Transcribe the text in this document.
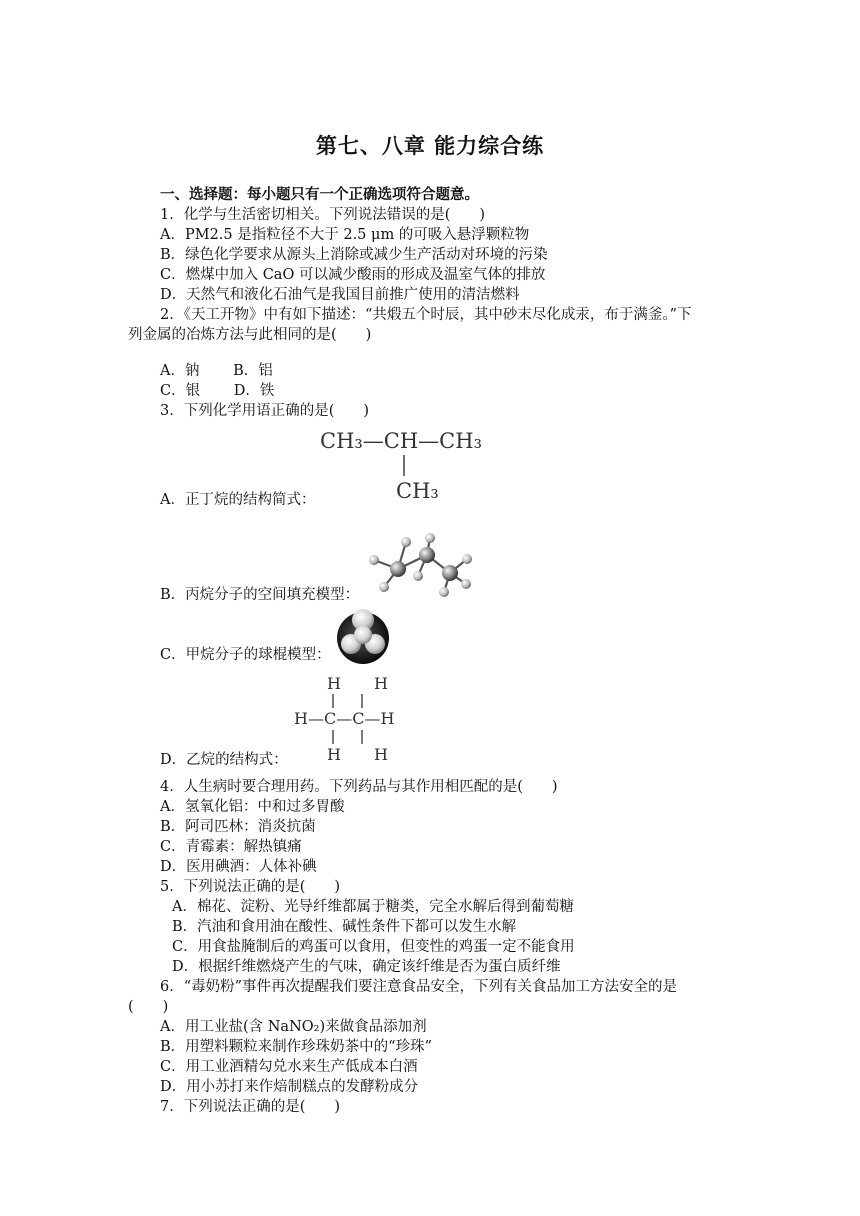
第七、八章 能力综合练
一、选择题：每小题只有一个正确选项符合题意。
1．化学与生活密切相关。下列说法错误的是(　　)
A．PM2.5 是指粒径不大于 2.5 μm 的可吸入悬浮颗粒物
B．绿色化学要求从源头上消除或减少生产活动对环境的污染
C．燃煤中加入 CaO 可以减少酸雨的形成及温室气体的排放
D．天然气和液化石油气是我国目前推广使用的清洁燃料
2．《天工开物》中有如下描述：“共煅五个时辰，其中砂末尽化成汞，布于满釜。”下
列金属的冶炼方法与此相同的是(　　)
A．钠　　 B．铝
C．银　　 D．铁
3．下列化学用语正确的是(　　)
CH₃—CH—CH₃
CH₃
A．正丁烷的结构简式：
B．丙烷分子的空间填充模型：
C．甲烷分子的球棍模型：
H H
H—C—C—H
H H
D．乙烷的结构式：
4．人生病时要合理用药。下列药品与其作用相匹配的是(　　)
A．氢氧化铝：中和过多胃酸
B．阿司匹林：消炎抗菌
C．青霉素：解热镇痛
D．医用碘酒：人体补碘
5．下列说法正确的是(　　)
A．棉花、淀粉、光导纤维都属于糖类，完全水解后得到葡萄糖
B．汽油和食用油在酸性、碱性条件下都可以发生水解
C．用食盐腌制后的鸡蛋可以食用，但变性的鸡蛋一定不能食用
D．根据纤维燃烧产生的气味，确定该纤维是否为蛋白质纤维
6．“毒奶粉”事件再次提醒我们要注意食品安全，下列有关食品加工方法安全的是
(　　)
A．用工业盐(含 NaNO₂)来做食品添加剂
B．用塑料颗粒来制作珍珠奶茶中的“珍珠”
C．用工业酒精勾兑水来生产低成本白酒
D．用小苏打来作焙制糕点的发酵粉成分
7．下列说法正确的是(　　)
